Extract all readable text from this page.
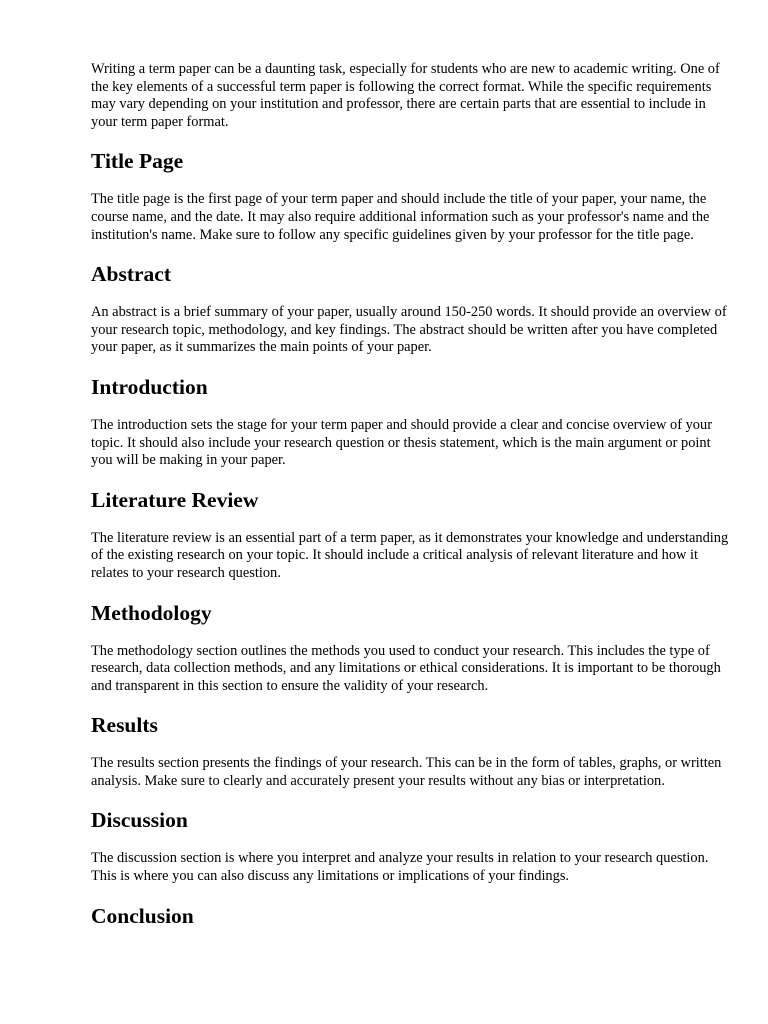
Writing a term paper can be a daunting task, especially for students who are new to academic writing. One of the key elements of a successful term paper is following the correct format. While the specific requirements may vary depending on your institution and professor, there are certain parts that are essential to include in your term paper format.

Title Page

The title page is the first page of your term paper and should include the title of your paper, your name, the course name, and the date. It may also require additional information such as your professor's name and the institution's name. Make sure to follow any specific guidelines given by your professor for the title page.

Abstract

An abstract is a brief summary of your paper, usually around 150-250 words. It should provide an overview of your research topic, methodology, and key findings. The abstract should be written after you have completed your paper, as it summarizes the main points of your paper.

Introduction

The introduction sets the stage for your term paper and should provide a clear and concise overview of your topic. It should also include your research question or thesis statement, which is the main argument or point you will be making in your paper.

Literature Review

The literature review is an essential part of a term paper, as it demonstrates your knowledge and understanding of the existing research on your topic. It should include a critical analysis of relevant literature and how it relates to your research question.

Methodology

The methodology section outlines the methods you used to conduct your research. This includes the type of research, data collection methods, and any limitations or ethical considerations. It is important to be thorough and transparent in this section to ensure the validity of your research.

Results

The results section presents the findings of your research. This can be in the form of tables, graphs, or written analysis. Make sure to clearly and accurately present your results without any bias or interpretation.

Discussion

The discussion section is where you interpret and analyze your results in relation to your research question. This is where you can also discuss any limitations or implications of your findings.

Conclusion
